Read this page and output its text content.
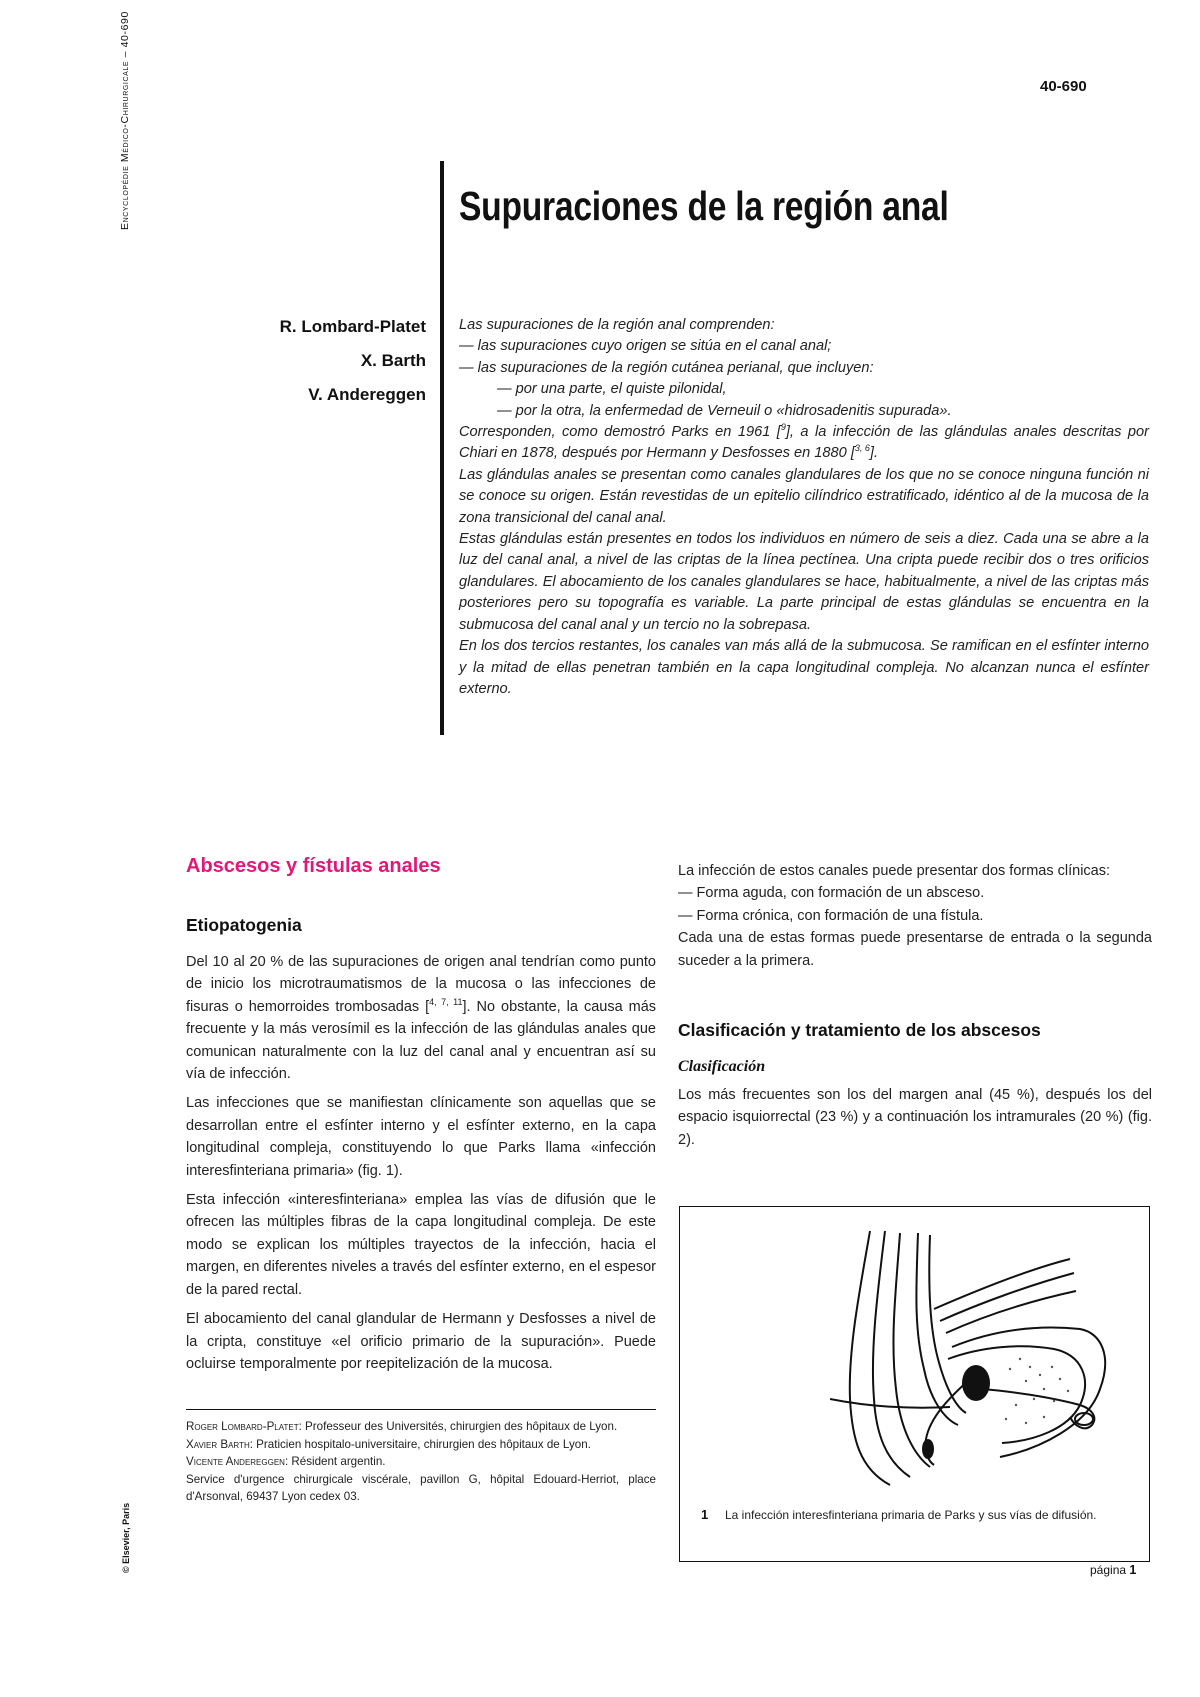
Encyclopédie Médico-Chirurgicale – 40-690
© Elsevier, Paris
40-690
Supuraciones de la región anal
R. Lombard-Platet
X. Barth
V. Andereggen

Las supuraciones de la región anal comprenden:

— las supuraciones cuyo origen se sitúa en el canal anal;

— las supuraciones de la región cutánea perianal, que incluyen:

— por una parte, el quiste pilonidal,

— por la otra, la enfermedad de Verneuil o «hidrosadenitis supurada».

Corresponden, como demostró Parks en 1961 [$^9$], a la infección de las glándulas anales descritas por Chiari en 1878, después por Hermann y Desfosses en 1880 [$^{3, 6}$].

Las glándulas anales se presentan como canales glandulares de los que no se conoce ninguna función ni se conoce su origen. Están revestidas de un epitelio cilíndrico estratificado, idéntico al de la mucosa de la zona transicional del canal anal.

Estas glándulas están presentes en todos los individuos en número de seis a diez. Cada una se abre a la luz del canal anal, a nivel de las criptas de la línea pectínea. Una cripta puede recibir dos o tres orificios glandulares. El abocamiento de los canales glandulares se hace, habitualmente, a nivel de las criptas más posteriores pero su topografía es variable. La parte principal de estas glándulas se encuentra en la submucosa del canal anal y un tercio no la sobrepasa.

En los dos tercios restantes, los canales van más allá de la submucosa. Se ramifican en el esfínter interno y la mitad de ellas penetran también en la capa longitudinal compleja. No alcanzan nunca el esfínter externo.

Abscesos y fístulas anales
Etiopatogenia

Del 10 al 20 % de las supuraciones de origen anal tendrían como punto de inicio los microtraumatismos de la mucosa o las infecciones de fisuras o hemorroides trombosadas [$^{4, 7, 11}$]. No obstante, la causa más frecuente y la más verosímil es la infección de las glándulas anales que comunican naturalmente con la luz del canal anal y encuentran así su vía de infección.

Las infecciones que se manifiestan clínicamente son aquellas que se desarrollan entre el esfínter interno y el esfínter externo, en la capa longitudinal compleja, constituyendo lo que Parks llama «infección interesfinteriana primaria» (fig. 1).

Esta infección «interesfinteriana» emplea las vías de difusión que le ofrecen las múltiples fibras de la capa longitudinal compleja. De este modo se explican los múltiples trayectos de la infección, hacia el margen, en diferentes niveles a través del esfínter externo, en el espesor de la pared rectal.

El abocamiento del canal glandular de Hermann y Desfosses a nivel de la cripta, constituye «el orificio primario de la supuración». Puede ocluirse temporalmente por reepitelización de la mucosa.

La infección de estos canales puede presentar dos formas clínicas:

— Forma aguda, con formación de un absceso.

— Forma crónica, con formación de una fístula.

Cada una de estas formas puede presentarse de entrada o la segunda suceder a la primera.

Clasificación y tratamiento de los abscesos
Clasificación

Los más frecuentes son los del margen anal (45 %), después los del espacio isquiorrectal (23 %) y a continuación los intramurales (20 %) (fig. 2).

Roger Lombard-Platet: Professeur des Universités, chirurgien des hôpitaux de Lyon.

Xavier Barth: Praticien hospitalo-universitaire, chirurgien des hôpitaux de Lyon.

Vicente Andereggen: Résident argentin.

Service d'urgence chirurgicale viscérale, pavillon G, hôpital Edouard-Herriot, place d'Arsonval, 69437 Lyon cedex 03.

1 La infección interesfinteriana primaria de Parks y sus vías de difusión.
página 1
